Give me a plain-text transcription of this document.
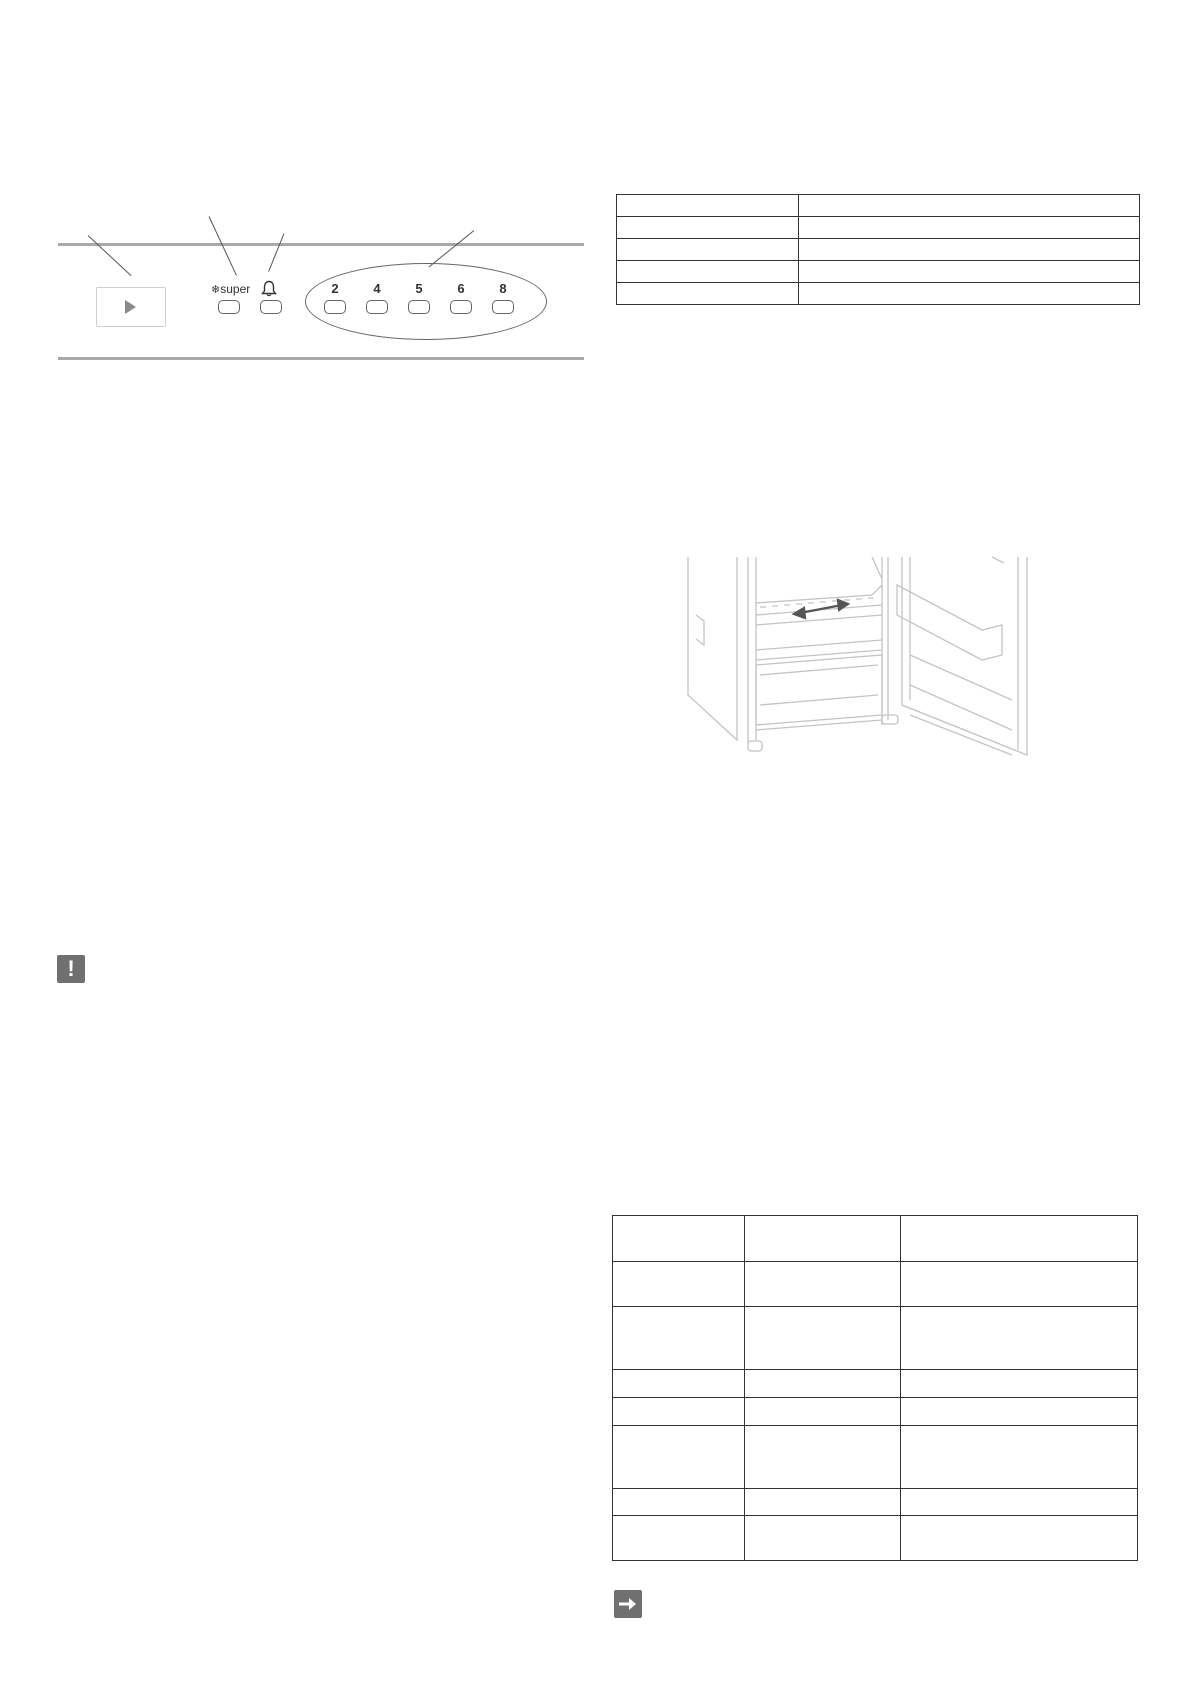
❄super	2	4	5	6	8

!
